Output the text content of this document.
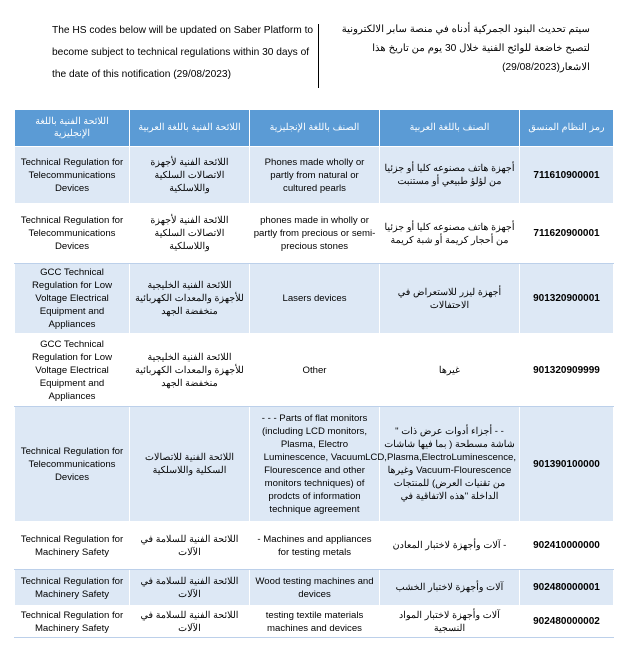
The HS codes below will be updated on Saber Platform to
become subject to technical regulations within 30 days of
the date of this notification (29/08/2023)
سيتم تحديث البنود الجمركية أدناه في منصة سابر الالكترونية
لتصبح خاضعة للوائح الفنية خلال 30 يوم من تاريخ هذا
الاشعار(29/08/2023)
اللائحة الفنية باللغة الإنجليزية	اللائحة الفنية باللغة العربية	الصنف باللغة الإنجليزية	الصنف باللغة العربية	رمز النظام المنسق
Technical Regulation for Telecommunications Devices	اللائحة الفنية لأجهزة الاتصالات السلكية واللاسلكية	Phones made wholly or partly from natural or cultured pearls	أجهزة هاتف مصنوعه كليا أو جزئيا من لؤلؤ طبيعي أو مستنبت	711610900001
Technical Regulation for Telecommunications Devices	اللائحة الفنية لأجهزة الاتصالات السلكية واللاسلكية	phones made in wholly or partly from precious or semi-precious stones	أجهزة هاتف مصنوعه كليا أو جزئيا من أحجار كريمة أو شبة كريمة	711620900001
GCC Technical Regulation for Low Voltage Electrical Equipment and Appliances	اللائحة الفنية الخليجية للأجهزة والمعدات الكهربائية منخفضة الجهد	Lasers devices	أجهزة ليزر للاستعراض في الاحتفالات	901320900001
GCC Technical Regulation for Low Voltage Electrical Equipment and Appliances	اللائحة الفنية الخليجية للأجهزة والمعدات الكهربائية منخفضة الجهد	Other	غيرها	901320909999
Technical Regulation for Telecommunications Devices	اللائحة الفنية للاتصالات السكلية واللاسلكية	- - - Parts of flat monitors (including LCD monitors, Plasma, Electro Luminescence, Vacuum Flourescence and other monitors techniques) of prodcts of information technique agreement	- - أجزاء أدوات عرض ذات " شاشة مسطحة ( بما فيها شاشات LCD,Plasma,ElectroLuminescence, Vacuum-Flourescence وغيرها من تقنيات العرض) للمنتجات الداخلة "هذه الاتفاقية في	901390100000
Technical Regulation for Machinery Safety	اللائحة الفنية للسلامة في الآلات	- Machines and appliances for testing metals	- آلات وأجهزة لاختبار المعادن	902410000000
Technical Regulation for Machinery Safety	اللائحة الفنية للسلامة في الآلات	Wood testing machines and devices	آلات وأجهزة لاختبار الخشب	902480000001
Technical Regulation for Machinery Safety	اللائحة الفنية للسلامة في الآلات	testing textile materials machines and devices	آلات وأجهزة لاختبار المواد النسجية	902480000002
